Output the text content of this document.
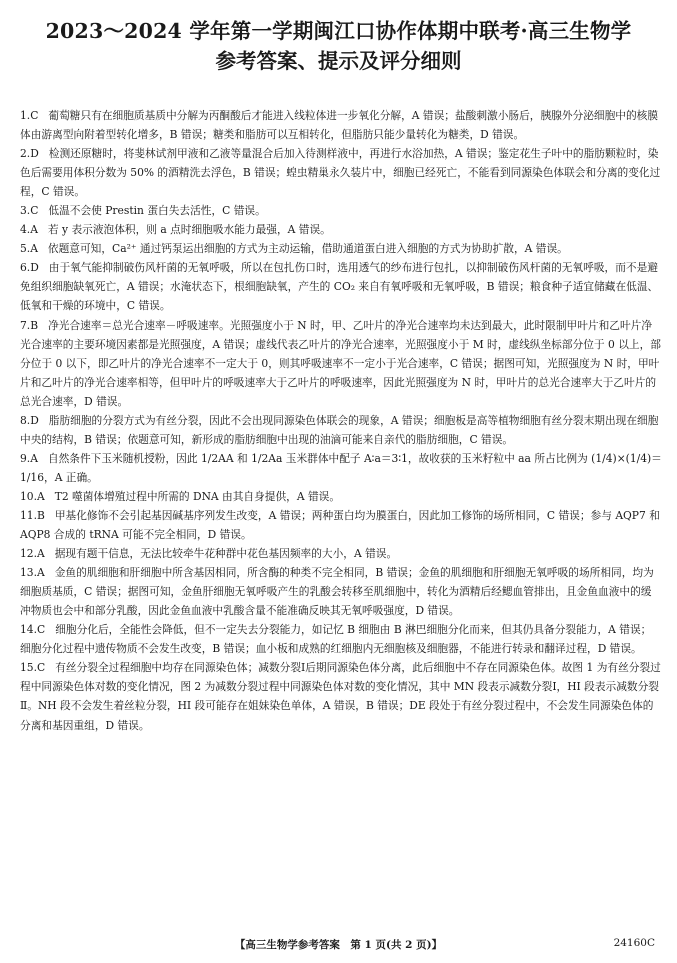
2023～2024 学年第一学期闽江口协作体期中联考·高三生物学
参考答案、提示及评分细则

1.C 葡萄糖只有在细胞质基质中分解为丙酮酸后才能进入线粒体进一步氧化分解，A 错误；盐酸刺激小肠后，胰腺外分泌细胞中的核膜体由游离型向附着型转化增多，B 错误；糖类和脂肪可以互相转化，但脂肪只能少量转化为糖类，D 错误。

2.D 检测还原糖时，将斐林试剂甲液和乙液等量混合后加入待测样液中，再进行水浴加热，A 错误；鉴定花生子叶中的脂肪颗粒时，染色后需要用体积分数为 50% 的酒精洗去浮色，B 错误；蝗虫精巢永久装片中，细胞已经死亡，不能看到同源染色体联会和分离的变化过程，C 错误。

3.C 低温不会使 Prestin 蛋白失去活性，C 错误。

4.A 若 y 表示液泡体积，则 a 点时细胞吸水能力最强，A 错误。

5.A 依题意可知，Ca²⁺ 通过钙泵运出细胞的方式为主动运输，借助通道蛋白进入细胞的方式为协助扩散，A 错误。

6.D 由于氧气能抑制破伤风杆菌的无氧呼吸，所以在包扎伤口时，选用透气的纱布进行包扎，以抑制破伤风杆菌的无氧呼吸，而不是避免组织细胞缺氧死亡，A 错误；水淹状态下，根细胞缺氧，产生的 CO₂ 来自有氧呼吸和无氧呼吸，B 错误；粮食种子适宜储藏在低温、低氧和干燥的环境中，C 错误。

7.B 净光合速率＝总光合速率－呼吸速率。光照强度小于 N 时，甲、乙叶片的净光合速率均未达到最大，此时限制甲叶片和乙叶片净光合速率的主要环境因素都是光照强度，A 错误；虚线代表乙叶片的净光合速率，光照强度小于 M 时，虚线纵坐标部分位于 0 以上，部分位于 0 以下，即乙叶片的净光合速率不一定大于 0，则其呼吸速率不一定小于光合速率，C 错误；据图可知，光照强度为 N 时，甲叶片和乙叶片的净光合速率相等，但甲叶片的呼吸速率大于乙叶片的呼吸速率，因此光照强度为 N 时，甲叶片的总光合速率大于乙叶片的总光合速率，D 错误。

8.D 脂肪细胞的分裂方式为有丝分裂，因此不会出现同源染色体联会的现象，A 错误；细胞板是高等植物细胞有丝分裂末期出现在细胞中央的结构，B 错误；依题意可知，新形成的脂肪细胞中出现的油滴可能来自亲代的脂肪细胞，C 错误。

9.A 自然条件下玉米随机授粉，因此 1/2AA 和 1/2Aa 玉米群体中配子 A∶a＝3∶1，故收获的玉米籽粒中 aa 所占比例为 (1/4)×(1/4)＝1/16，A 正确。

10.A T2 噬菌体增殖过程中所需的 DNA 由其自身提供，A 错误。

11.B 甲基化修饰不会引起基因碱基序列发生改变，A 错误；两种蛋白均为膜蛋白，因此加工修饰的场所相同，C 错误；参与 AQP7 和 AQP8 合成的 tRNA 可能不完全相同，D 错误。

12.A 据现有题干信息，无法比较牵牛花种群中花色基因频率的大小，A 错误。

13.A 金鱼的肌细胞和肝细胞中所含基因相同，所含酶的种类不完全相同，B 错误；金鱼的肌细胞和肝细胞无氧呼吸的场所相同，均为细胞质基质，C 错误；据图可知，金鱼肝细胞无氧呼吸产生的乳酸会转移至肌细胞中，转化为酒精后经鳃血管排出，且金鱼血液中的缓冲物质也会中和部分乳酸，因此金鱼血液中乳酸含量不能准确反映其无氧呼吸强度，D 错误。

14.C 细胞分化后，全能性会降低，但不一定失去分裂能力，如记忆 B 细胞由 B 淋巴细胞分化而来，但其仍具备分裂能力，A 错误；细胞分化过程中遗传物质不会发生改变，B 错误；血小板和成熟的红细胞内无细胞核及细胞器，不能进行转录和翻译过程，D 错误。

15.C 有丝分裂全过程细胞中均存在同源染色体；减数分裂Ⅰ后期同源染色体分离，此后细胞中不存在同源染色体。故图 1 为有丝分裂过程中同源染色体对数的变化情况，图 2 为减数分裂过程中同源染色体对数的变化情况，其中 MN 段表示减数分裂Ⅰ，HI 段表示减数分裂Ⅱ。NH 段不会发生着丝粒分裂，HI 段可能存在姐妹染色单体，A 错误，B 错误；DE 段处于有丝分裂过程中，不会发生同源染色体的分离和基因重组，D 错误。

【高三生物学参考答案　第 1 页(共 2 页)】	24160C
